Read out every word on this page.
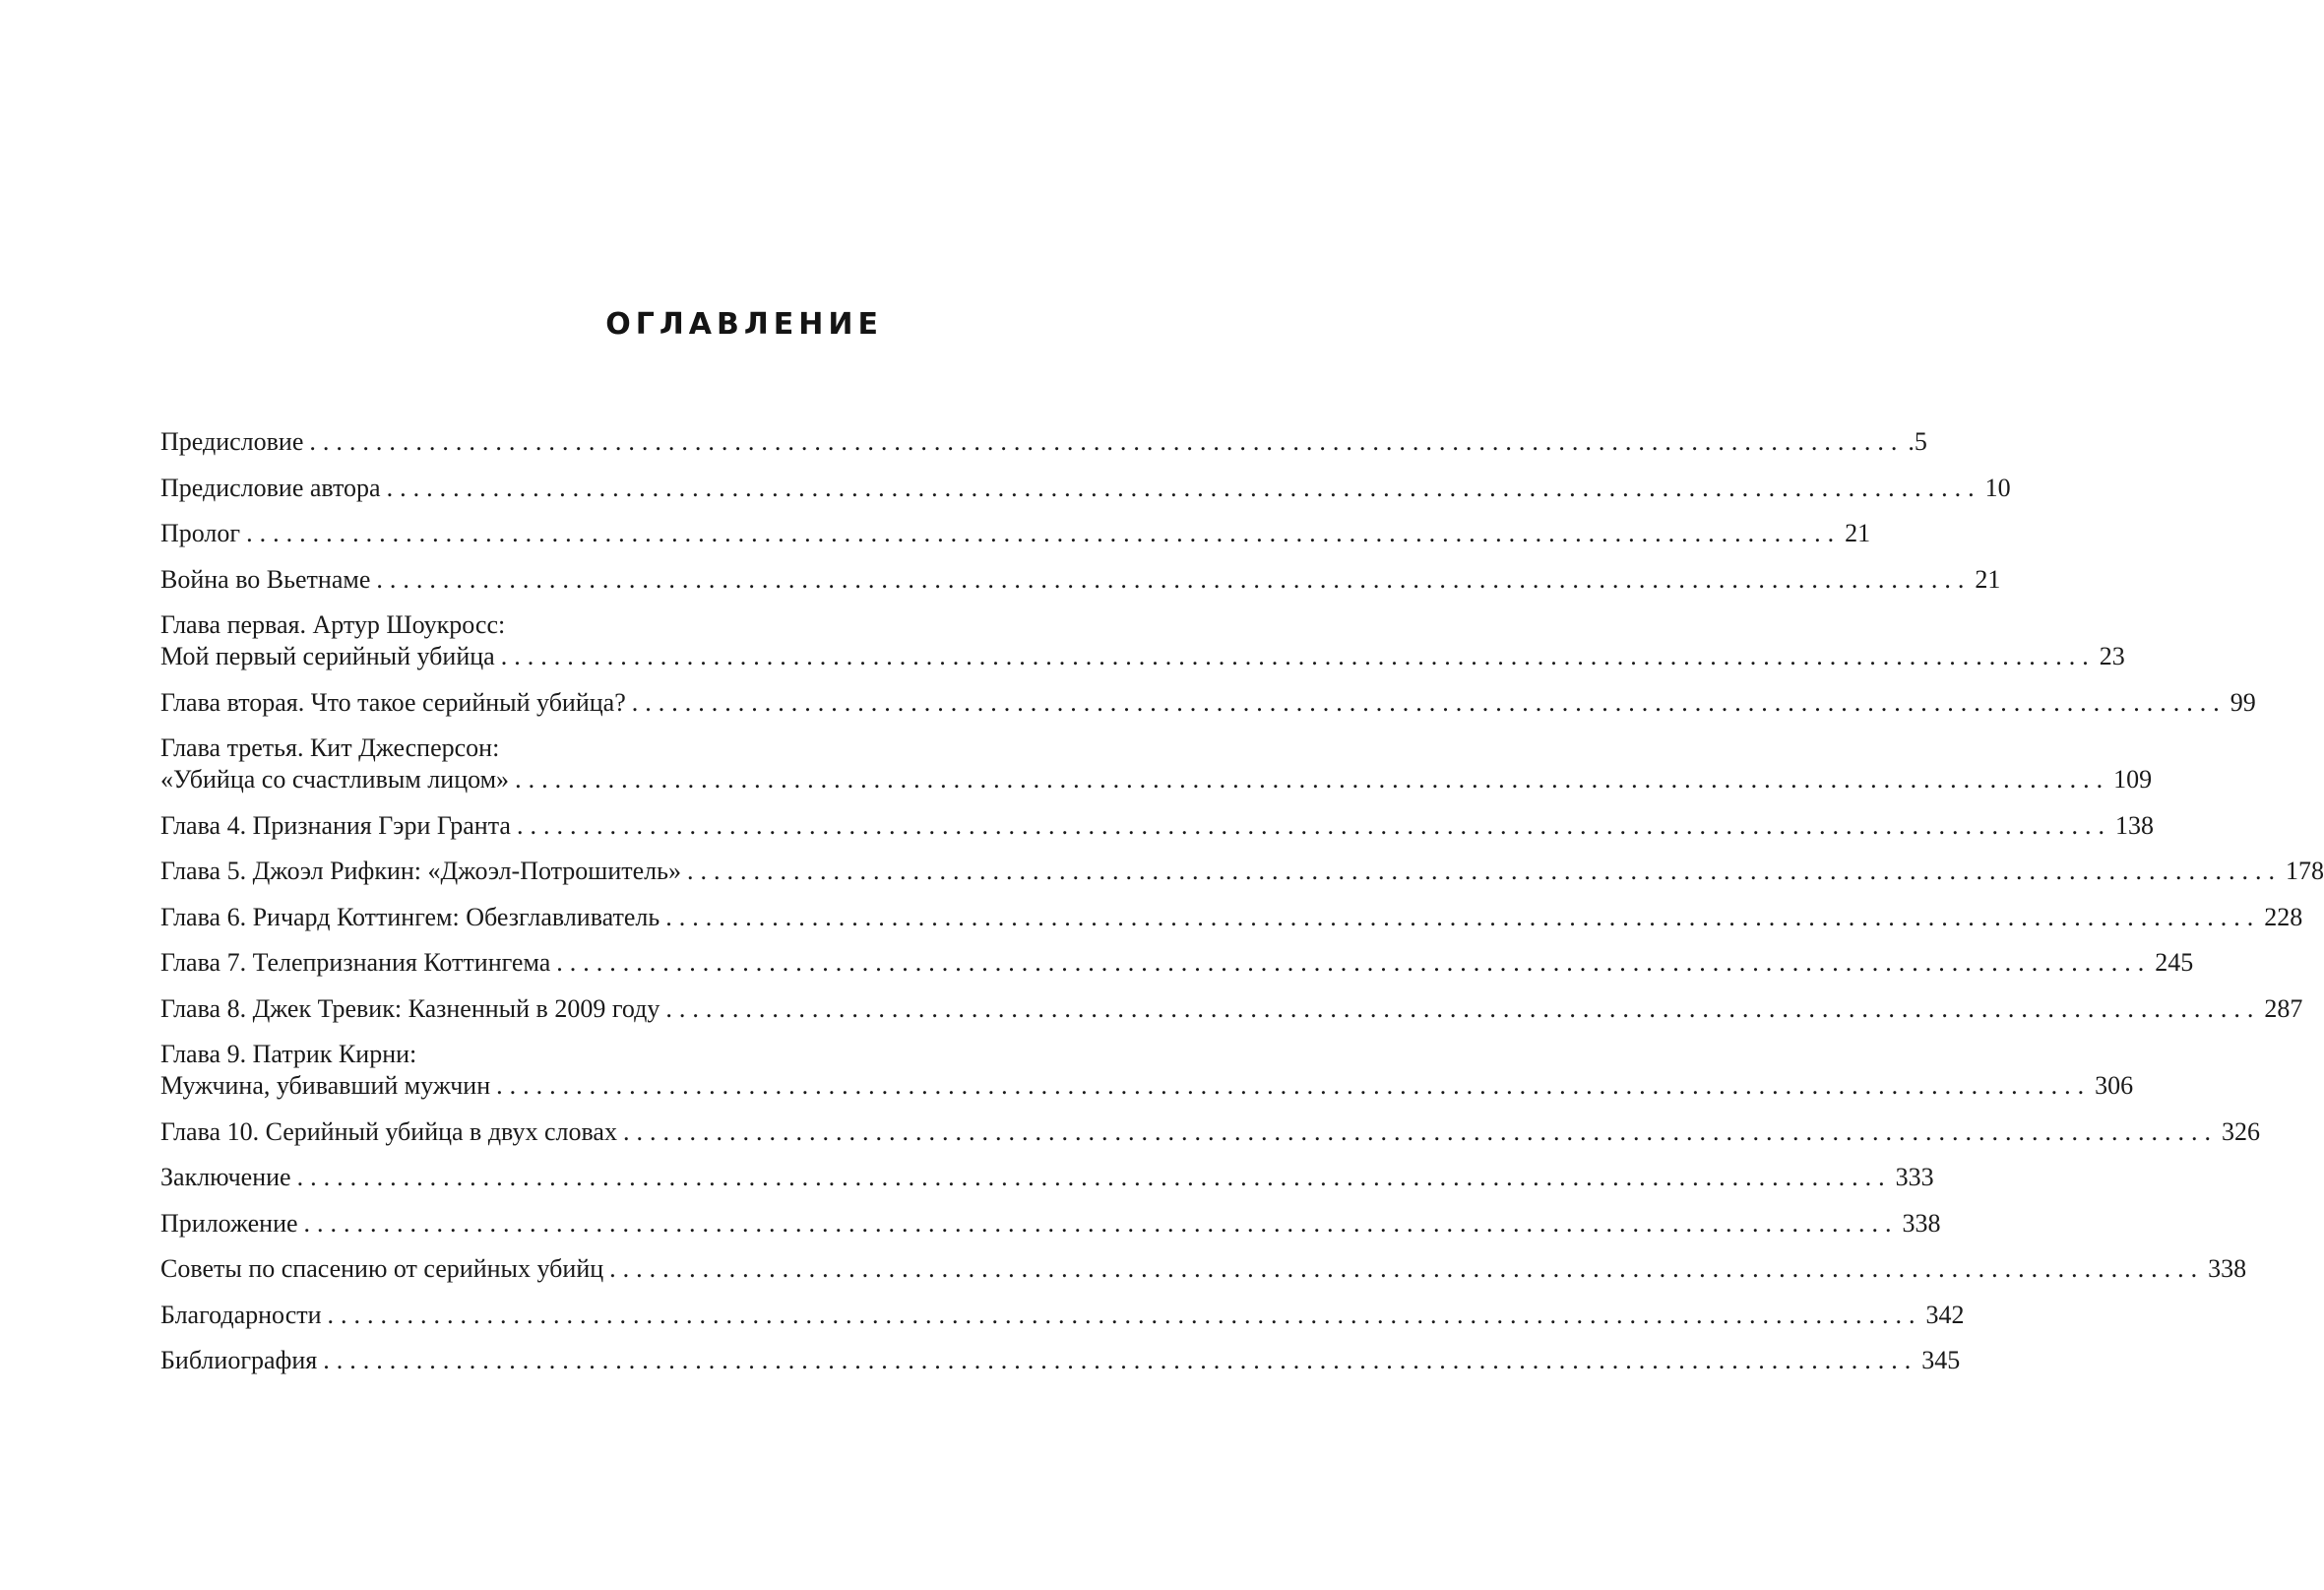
ОГЛАВЛЕНИЕ
Предисловие ........................................................................................................................ .5
Предисловие автора ........................................................................................................................ 10
Пролог ........................................................................................................................ 21
Война во Вьетнаме ........................................................................................................................ 21
Глава первая. Артур Шоукросс:
Мой первый серийный убийца ........................................................................................................................ 23
Глава вторая. Что такое серийный убийца? ........................................................................................................................ 99
Глава третья. Кит Джесперсон:
«Убийца со счастливым лицом» ........................................................................................................................ 109
Глава 4. Признания Гэри Гранта ........................................................................................................................ 138
Глава 5. Джоэл Рифкин: «Джоэл-Потрошитель» ........................................................................................................................ 178
Глава 6. Ричард Коттингем: Обезглавливатель ........................................................................................................................ 228
Глава 7. Телепризнания Коттингема ........................................................................................................................ 245
Глава 8. Джек Тревик: Казненный в 2009 году ........................................................................................................................ 287
Глава 9. Патрик Кирни:
Мужчина, убивавший мужчин ........................................................................................................................ 306
Глава 10. Серийный убийца в двух словах ........................................................................................................................ 326
Заключение ........................................................................................................................ 333
Приложение ........................................................................................................................ 338
Советы по спасению от серийных убийц ........................................................................................................................ 338
Благодарности ........................................................................................................................ 342
Библиография ........................................................................................................................ 345
